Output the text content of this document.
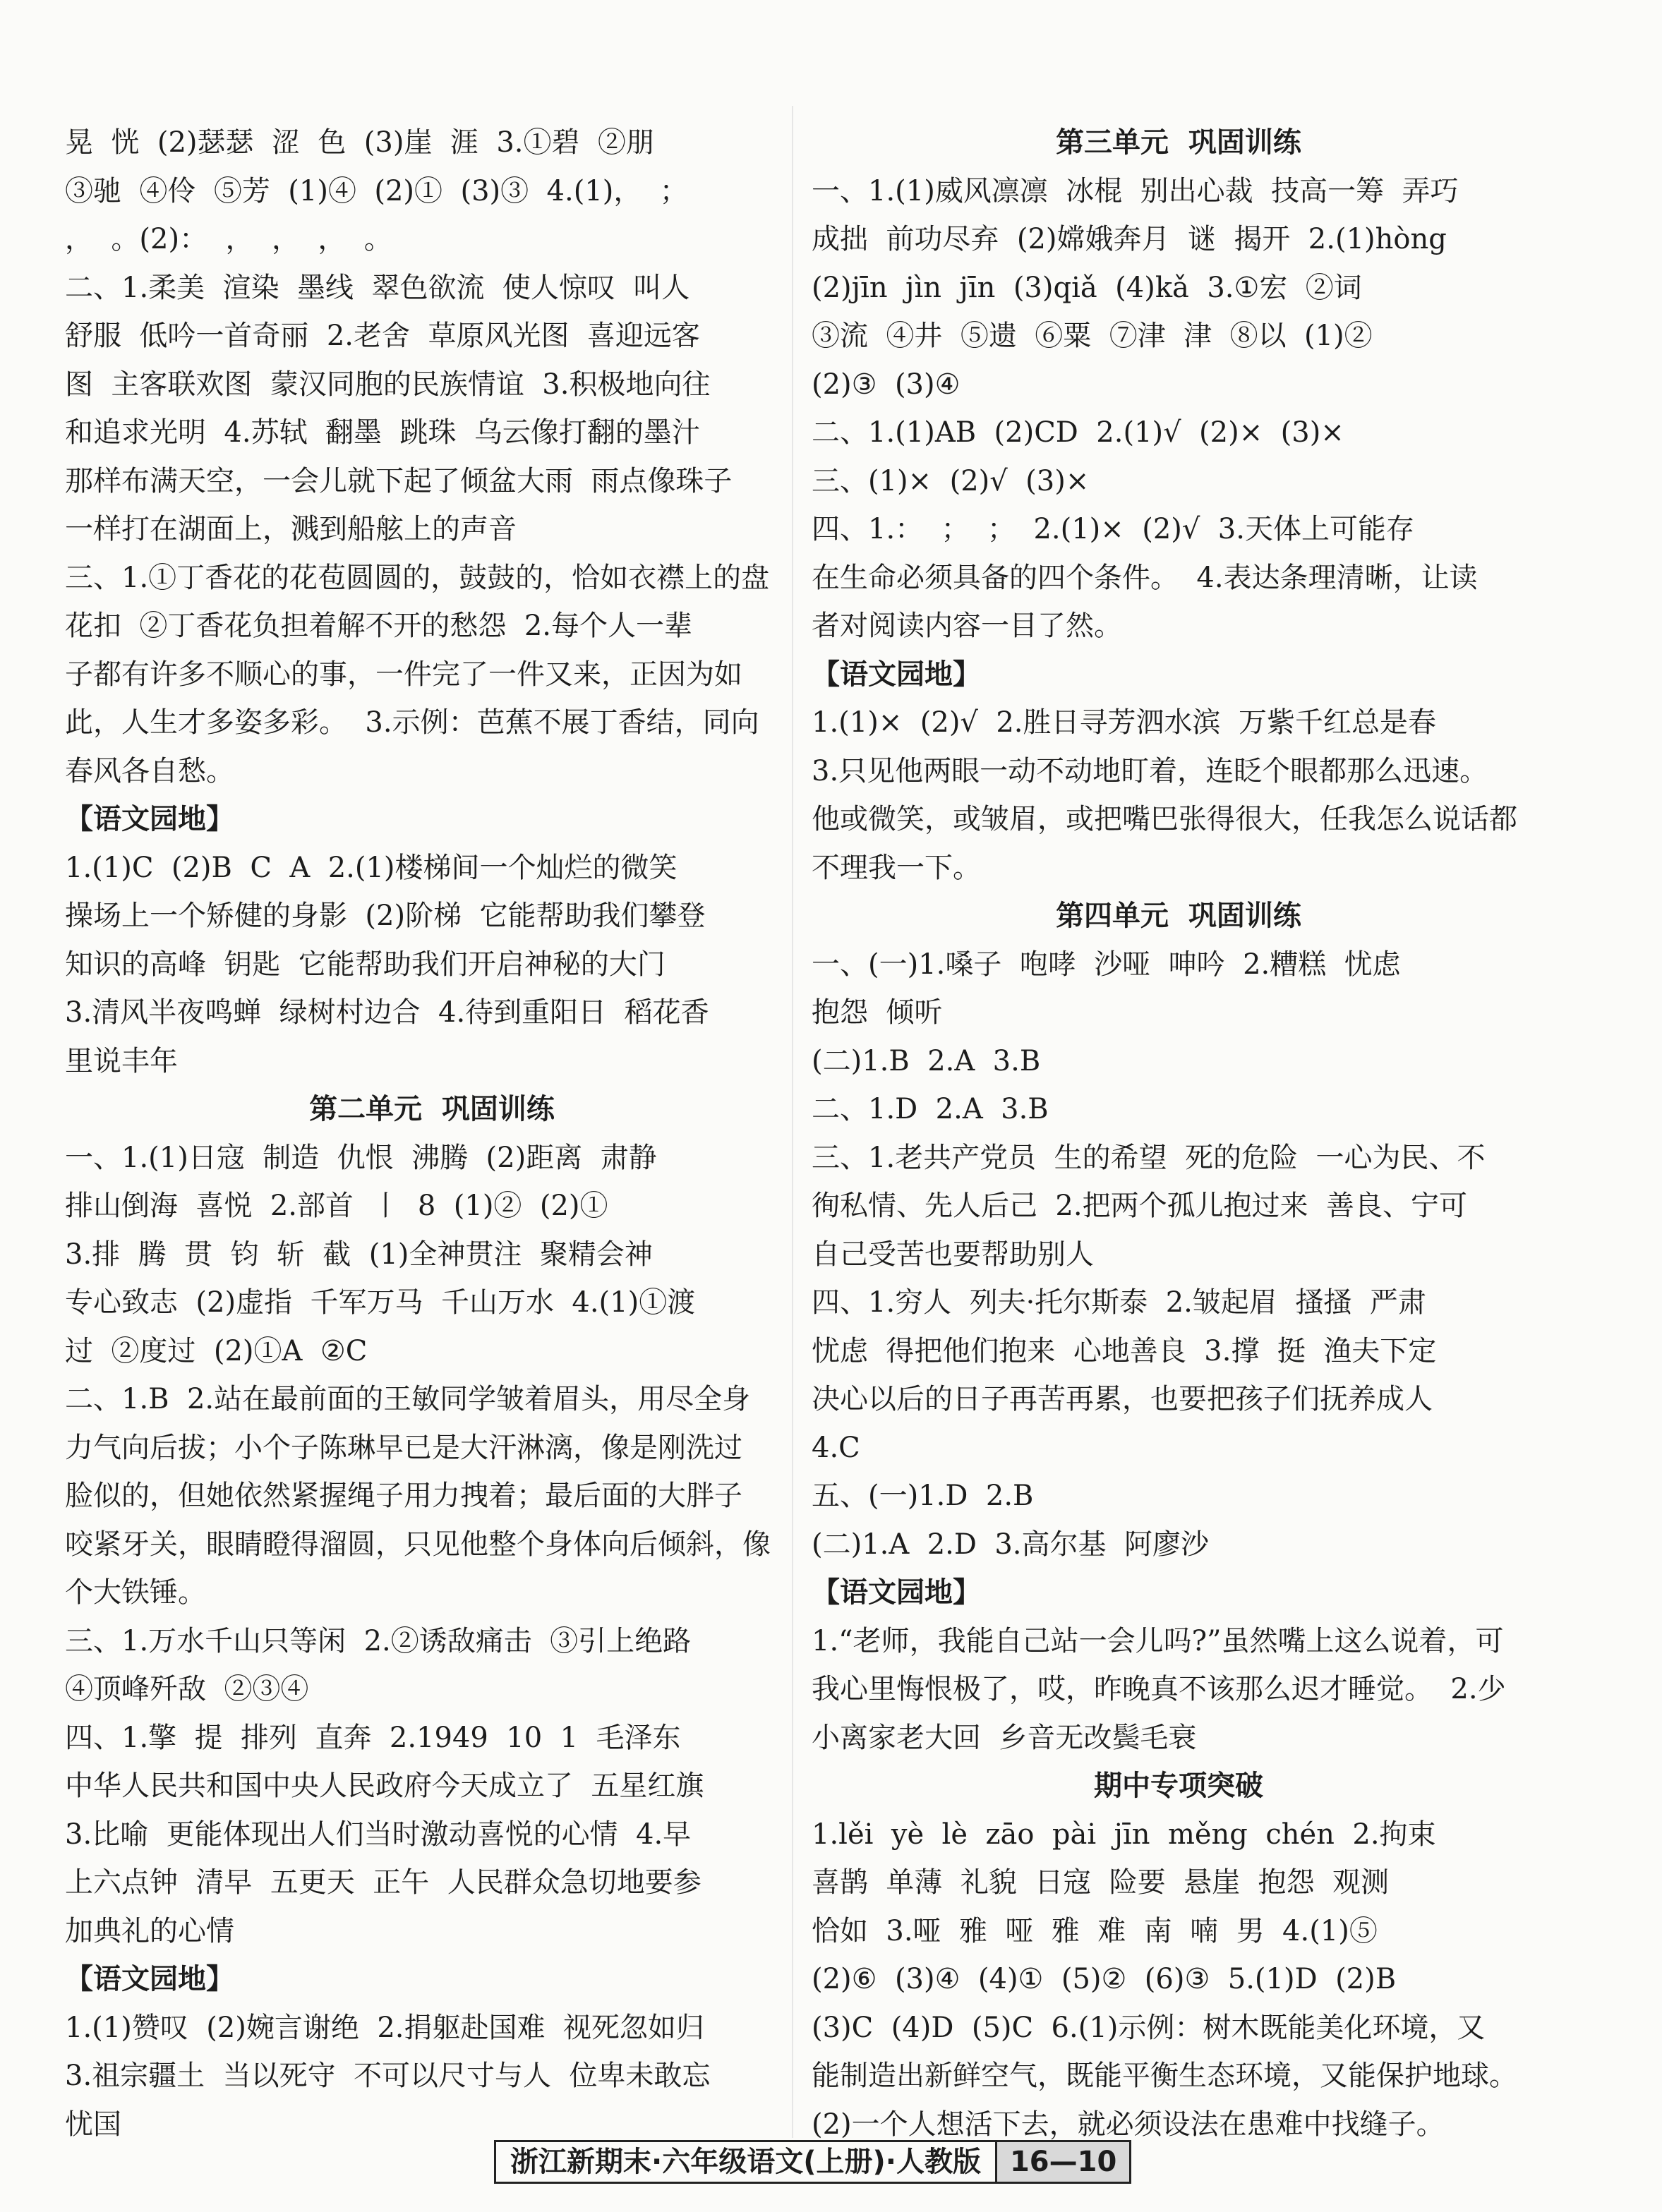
晃  恍  (2)瑟瑟  涩  色  (3)崖  涯  3.①碧  ②朋
③驰  ④伶  ⑤芳  (1)④  (2)①  (3)③  4.(1)，  ；
，  。(2)：  ，  ，  ，  。
二、1.柔美  渲染  墨线  翠色欲流  使人惊叹  叫人
舒服  低吟一首奇丽  2.老舍  草原风光图  喜迎远客
图  主客联欢图  蒙汉同胞的民族情谊  3.积极地向往
和追求光明  4.苏轼  翻墨  跳珠  乌云像打翻的墨汁
那样布满天空，一会儿就下起了倾盆大雨  雨点像珠子
一样打在湖面上，溅到船舷上的声音
三、1.①丁香花的花苞圆圆的，鼓鼓的，恰如衣襟上的盘
花扣  ②丁香花负担着解不开的愁怨  2.每个人一辈
子都有许多不顺心的事，一件完了一件又来，正因为如
此，人生才多姿多彩。  3.示例：芭蕉不展丁香结，同向
春风各自愁。
【语文园地】
1.(1)C  (2)B  C  A  2.(1)楼梯间一个灿烂的微笑
操场上一个矫健的身影  (2)阶梯  它能帮助我们攀登
知识的高峰  钥匙  它能帮助我们开启神秘的大门
3.清风半夜鸣蝉  绿树村边合  4.待到重阳日  稻花香
里说丰年
第二单元  巩固训练
一、1.(1)日寇  制造  仇恨  沸腾  (2)距离  肃静
排山倒海  喜悦  2.部首  丨  8  (1)②  (2)①
3.排  腾  贯  钧  斩  截  (1)全神贯注  聚精会神
专心致志  (2)虚指  千军万马  千山万水  4.(1)①渡
过  ②度过  (2)①A  ②C
二、1.B  2.站在最前面的王敏同学皱着眉头，用尽全身
力气向后拔；小个子陈琳早已是大汗淋漓，像是刚洗过
脸似的，但她依然紧握绳子用力拽着；最后面的大胖子
咬紧牙关，眼睛瞪得溜圆，只见他整个身体向后倾斜，像
个大铁锤。
三、1.万水千山只等闲  2.②诱敌痛击  ③引上绝路
④顶峰歼敌  ②③④
四、1.擎  提  排列  直奔  2.1949  10  1  毛泽东
中华人民共和国中央人民政府今天成立了  五星红旗
3.比喻  更能体现出人们当时激动喜悦的心情  4.早
上六点钟  清早  五更天  正午  人民群众急切地要参
加典礼的心情
【语文园地】
1.(1)赞叹  (2)婉言谢绝  2.捐躯赴国难  视死忽如归
3.祖宗疆土  当以死守  不可以尺寸与人  位卑未敢忘
忧国
第三单元  巩固训练
一、1.(1)威风凛凛  冰棍  别出心裁  技高一筹  弄巧
成拙  前功尽弃  (2)嫦娥奔月  谜  揭开  2.(1)hòng
(2)jīn  jìn  jīn  (3)qiǎ  (4)kǎ  3.①宏  ②词
③流  ④井  ⑤遗  ⑥粟  ⑦津  津  ⑧以  (1)②
(2)③  (3)④
二、1.(1)AB  (2)CD  2.(1)√  (2)×  (3)×
三、(1)×  (2)√  (3)×
四、1.：  ；  ；  2.(1)×  (2)√  3.天体上可能存
在生命必须具备的四个条件。  4.表达条理清晰，让读
者对阅读内容一目了然。
【语文园地】
1.(1)×  (2)√  2.胜日寻芳泗水滨  万紫千红总是春
3.只见他两眼一动不动地盯着，连眨个眼都那么迅速。
他或微笑，或皱眉，或把嘴巴张得很大，任我怎么说话都
不理我一下。
第四单元  巩固训练
一、(一)1.嗓子  咆哮  沙哑  呻吟  2.糟糕  忧虑
抱怨  倾听
(二)1.B  2.A  3.B
二、1.D  2.A  3.B
三、1.老共产党员  生的希望  死的危险  一心为民、不
徇私情、先人后己  2.把两个孤儿抱过来  善良、宁可
自己受苦也要帮助别人
四、1.穷人  列夫·托尔斯泰  2.皱起眉  搔搔  严肃
忧虑  得把他们抱来  心地善良  3.撑  挺  渔夫下定
决心以后的日子再苦再累，也要把孩子们抚养成人
4.C
五、(一)1.D  2.B
(二)1.A  2.D  3.高尔基  阿廖沙
【语文园地】
1.“老师，我能自己站一会儿吗?”虽然嘴上这么说着，可
我心里悔恨极了，哎，昨晚真不该那么迟才睡觉。  2.少
小离家老大回  乡音无改鬓毛衰
期中专项突破
1.lěi  yè  lè  zāo  pài  jīn  měng  chén  2.拘束
喜鹊  单薄  礼貌  日寇  险要  悬崖  抱怨  观测
恰如  3.哑  雅  哑  雅  难  南  喃  男  4.(1)⑤
(2)⑥  (3)④  (4)①  (5)②  (6)③  5.(1)D  (2)B
(3)C  (4)D  (5)C  6.(1)示例：树木既能美化环境，又
能制造出新鲜空气，既能平衡生态环境，又能保护地球。
(2)一个人想活下去，就必须设法在患难中找缝子。
浙江新期末·六年级语文(上册)·人教版	16—10
